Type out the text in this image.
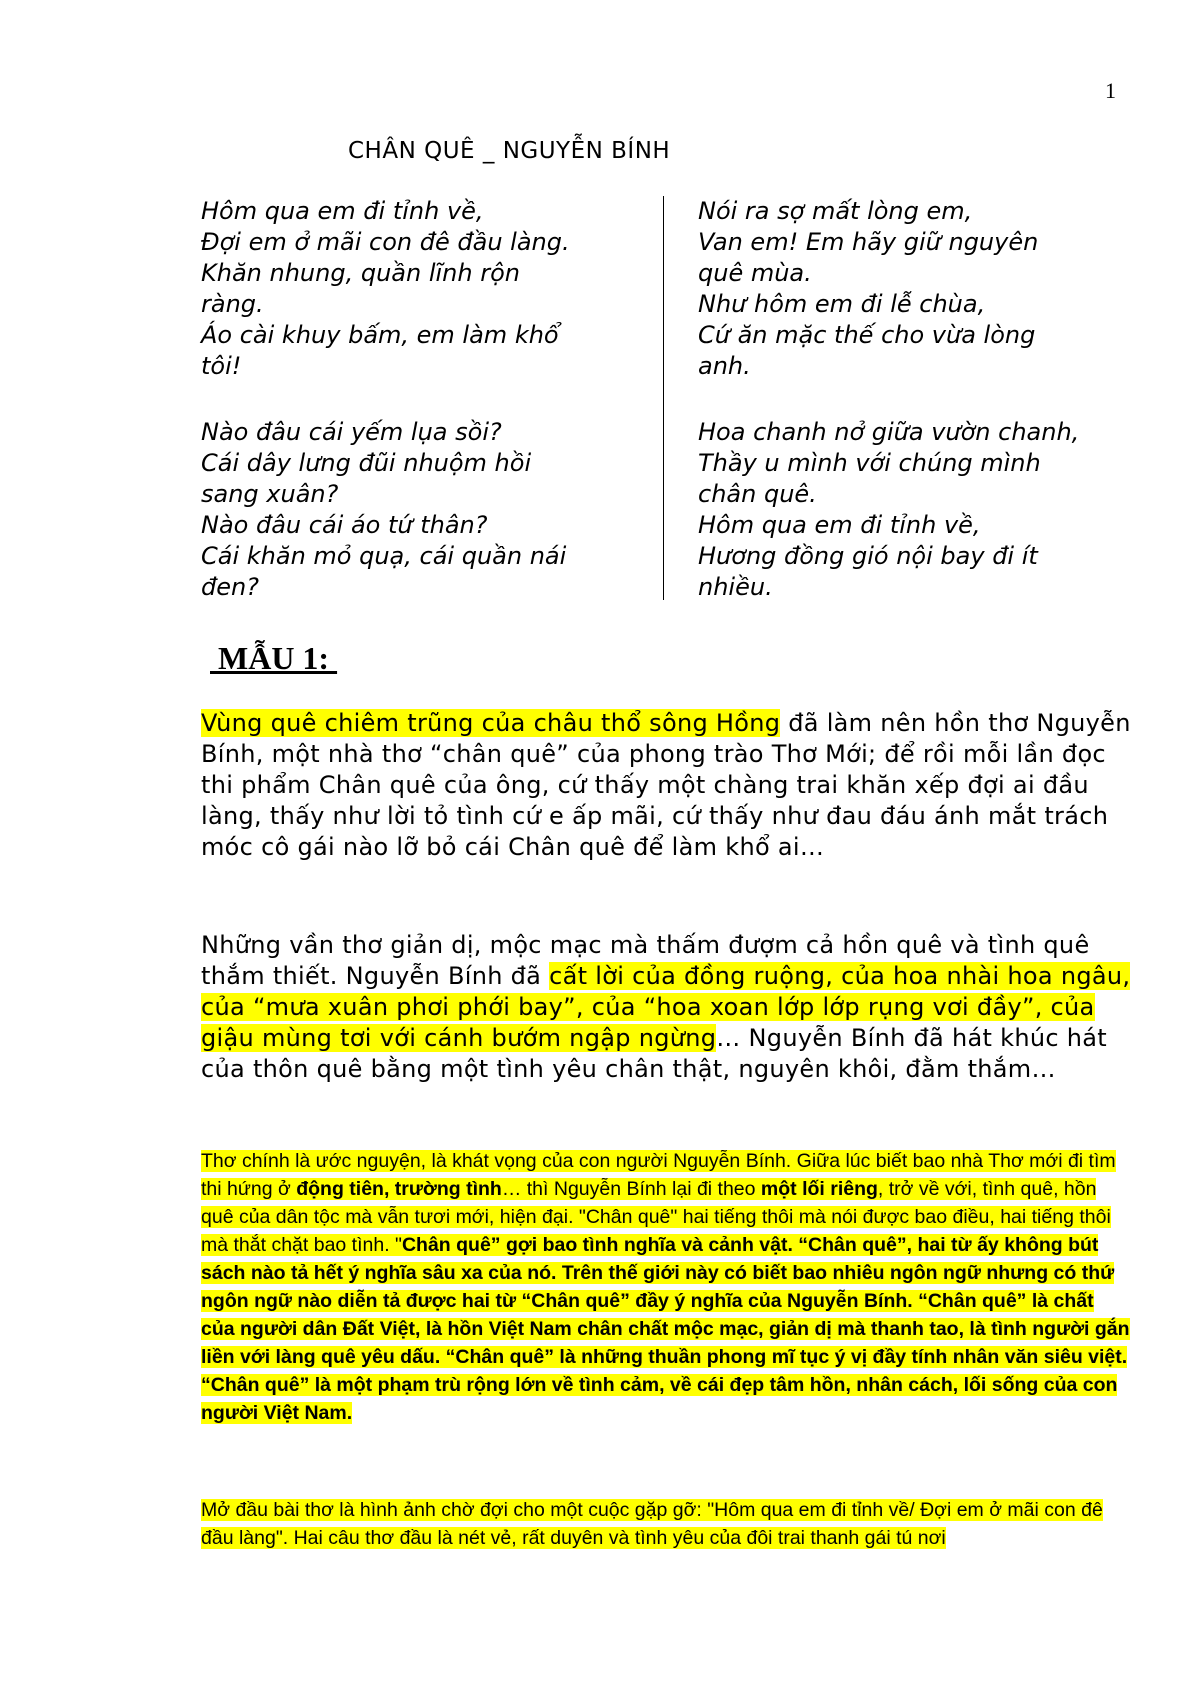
1
CHÂN QUÊ _ NGUYỄN BÍNH
Hôm qua em đi tỉnh về,
Đợi em ở mãi con đê đầu làng.
Khăn nhung, quần lĩnh rộn
ràng.
Áo cài khuy bấm, em làm khổ
tôi!
Nào đâu cái yếm lụa sồi?
Cái dây lưng đũi nhuộm hồi
sang xuân?
Nào đâu cái áo tứ thân?
Cái khăn mỏ quạ, cái quần nái
đen?
Nói ra sợ mất lòng em,
Van em! Em hãy giữ nguyên
quê mùa.
Như hôm em đi lễ chùa,
Cứ ăn mặc thế cho vừa lòng
anh.
Hoa chanh nở giữa vườn chanh,
Thầy u mình với chúng mình
chân quê.
Hôm qua em đi tỉnh về,
Hương đồng gió nội bay đi ít
nhiều.
MẪU 1:
Vùng quê chiêm trũng của châu thổ sông Hồng đã làm nên hồn thơ Nguyễn Bính, một nhà thơ “chân quê” của phong trào Thơ Mới; để rồi mỗi lần đọc thi phẩm Chân quê của ông, cứ thấy một chàng trai khăn xếp đợi ai đầu làng, thấy như lời tỏ tình cứ e ấp mãi, cứ thấy như đau đáu ánh mắt trách móc cô gái nào lỡ bỏ cái Chân quê để làm khổ ai…
Những vần thơ giản dị, mộc mạc mà thấm đượm cả hồn quê và tình quê thắm thiết. Nguyễn Bính đã cất lời của đồng ruộng, của hoa nhài hoa ngâu, của “mưa xuân phơi phới bay”, của “hoa xoan lớp lớp rụng vơi đầy”, của giậu mùng tơi với cánh bướm ngập ngừng… Nguyễn Bính đã hát khúc hát của thôn quê bằng một tình yêu chân thật, nguyên khôi, đằm thắm…
Thơ chính là ước nguyện, là khát vọng của con người Nguyễn Bính. Giữa lúc biết bao nhà Thơ mới đi tìm thi hứng ở động tiên, trường tình… thì Nguyễn Bính lại đi theo một lối riêng, trở về với, tình quê, hồn quê của dân tộc mà vẫn tươi mới, hiện đại. "Chân quê" hai tiếng thôi mà nói được bao điều, hai tiếng thôi mà thắt chặt bao tình. "Chân quê” gợi bao tình nghĩa và cảnh vật. “Chân quê”, hai từ ấy không bút sách nào tả hết ý nghĩa sâu xa của nó. Trên thế giới này có biết bao nhiêu ngôn ngữ nhưng có thứ ngôn ngữ nào diễn tả được hai từ “Chân quê” đầy ý nghĩa của Nguyễn Bính. “Chân quê” là chất của người dân Đất Việt, là hồn Việt Nam chân chất mộc mạc, giản dị mà thanh tao, là tình người gắn liền với làng quê yêu dấu. “Chân quê” là những thuần phong mĩ tục ý vị đầy tính nhân văn siêu việt. “Chân quê” là một phạm trù rộng lớn về tình cảm, về cái đẹp tâm hồn, nhân cách, lối sống của con người Việt Nam.
Mở đầu bài thơ là hình ảnh chờ đợi cho một cuộc gặp gỡ: "Hôm qua em đi tỉnh về/ Đợi em ở mãi con đê đầu làng". Hai câu thơ đầu là nét vẻ, rất duyên và tình yêu của đôi trai thanh gái tú nơi
